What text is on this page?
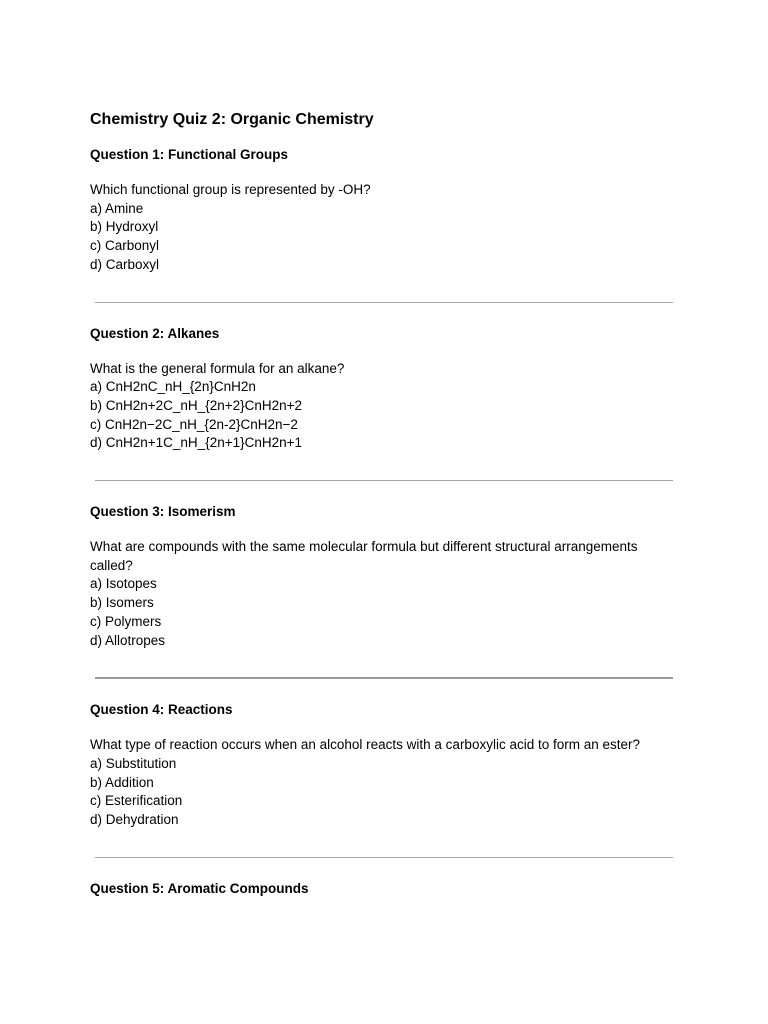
Chemistry Quiz 2: Organic Chemistry

Question 1: Functional Groups

Which functional group is represented by -OH?

a) Amine

b) Hydroxyl

c) Carbonyl

d) Carboxyl

Question 2: Alkanes

What is the general formula for an alkane?

a) CnH2nC_nH_{2n}CnH2n

b) CnH2n+2C_nH_{2n+2}CnH2n+2

c) CnH2n−2C_nH_{2n-2}CnH2n−2

d) CnH2n+1C_nH_{2n+1}CnH2n+1

Question 3: Isomerism

What are compounds with the same molecular formula but different structural arrangements called?

a) Isotopes

b) Isomers

c) Polymers

d) Allotropes

Question 4: Reactions

What type of reaction occurs when an alcohol reacts with a carboxylic acid to form an ester?

a) Substitution

b) Addition

c) Esterification

d) Dehydration

Question 5: Aromatic Compounds
